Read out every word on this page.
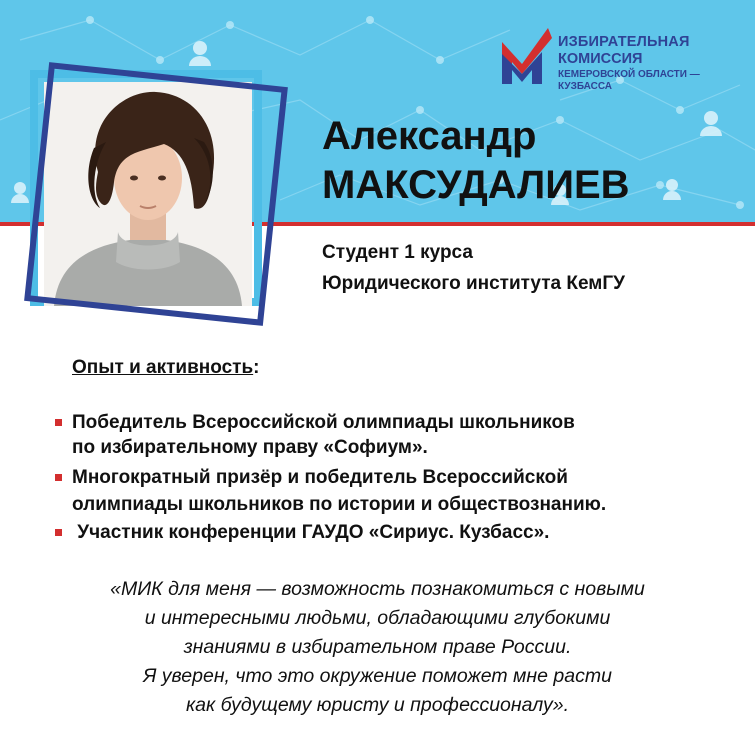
ИЗБИРАТЕЛЬНАЯ
КОМИССИЯ
КЕМЕРОВСКОЙ ОБЛАСТИ —
КУЗБАССА
Александр
МАКСУДАЛИЕВ
Студент 1 курса
Юридического института КемГУ
Опыт и активность:
Победитель Всероссийской олимпиады школьников
по избирательному праву «Софиум».
Многократный призёр и победитель Всероссийской
олимпиады школьников по истории и обществознанию.
Участник конференции ГАУДО «Сириус. Кузбасс».
«МИК для меня — возможность познакомиться с новыми
и интересными людьми, обладающими глубокими
знаниями в избирательном праве России.
Я уверен, что это окружение поможет мне расти
как будущему юристу и профессионалу».
